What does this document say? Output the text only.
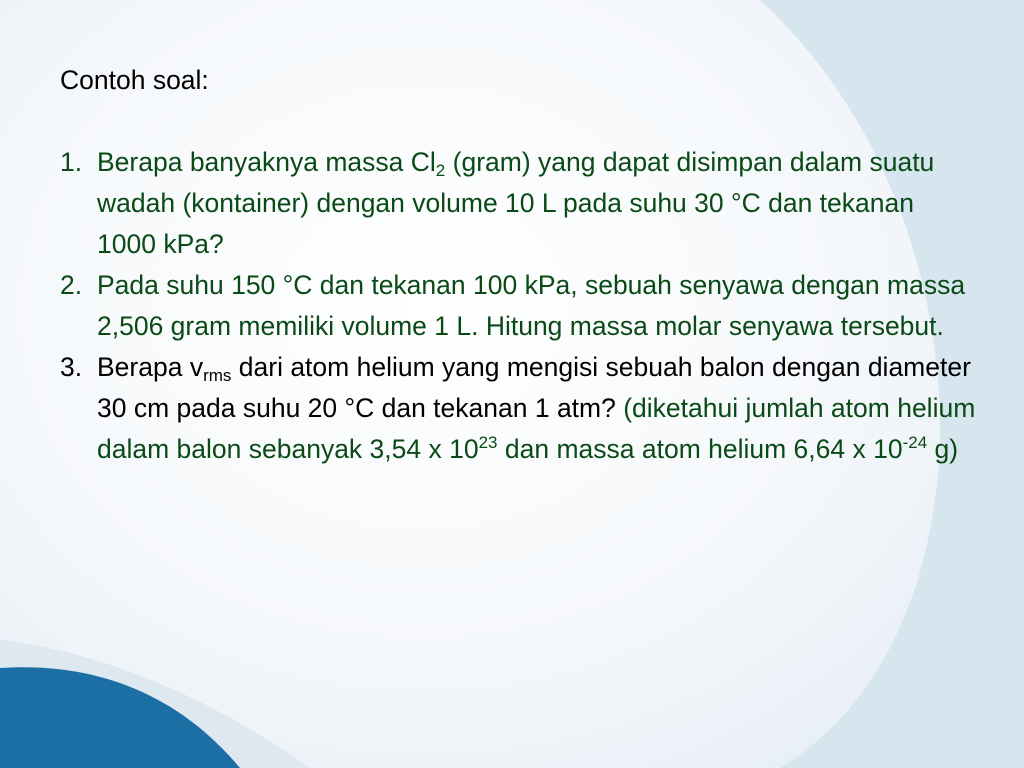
Contoh soal:
1. Berapa banyaknya massa $Cl_2$ (gram) yang dapat disimpan dalam suatu wadah (kontainer) dengan volume 10 L pada suhu 30 °C dan tekanan 1000 kPa?
2. Pada suhu 150 °C dan tekanan 100 kPa, sebuah senyawa dengan massa 2,506 gram memiliki volume 1 L. Hitung massa molar senyawa tersebut.
3. Berapa $v_{rms}$ dari atom helium yang mengisi sebuah balon dengan diameter 30 cm pada suhu 20 °C dan tekanan 1 atm? (diketahui jumlah atom helium dalam balon sebanyak 3,54 x $10^{23}$ dan massa atom helium 6,64 x $10^{-24}$ g)
